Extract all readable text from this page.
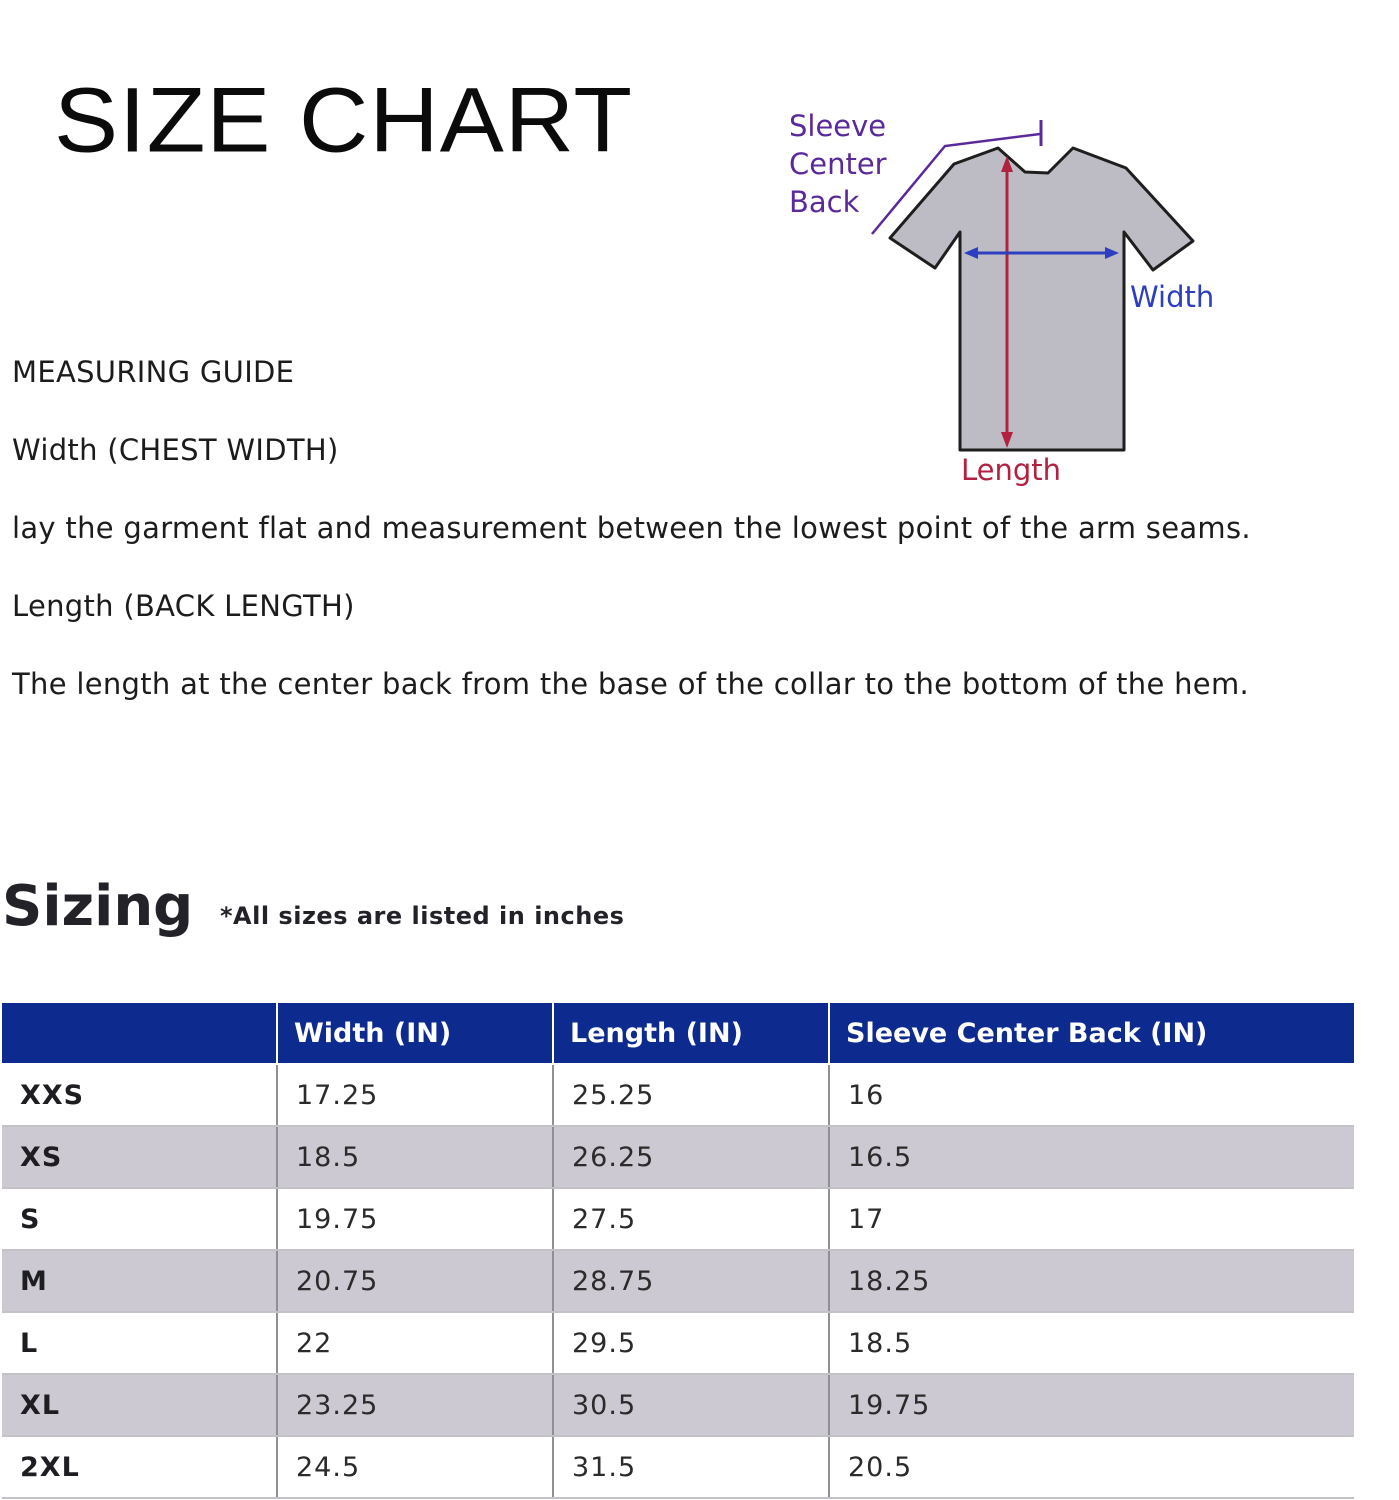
SIZE CHART	Sleeve
Center
Back
Width
Length
MEASURING GUIDE
Width (CHEST WIDTH)
lay the garment flat and measurement between the lowest point of the arm seams.
Length (BACK LENGTH)
The length at the center back from the base of the collar to the bottom of the hem.
Sizing *All sizes are listed in inches
	Width (IN)	Length (IN)	Sleeve Center Back (IN)
XXS	17.25	25.25	16
XS	18.5	26.25	16.5
S	19.75	27.5	17
M	20.75	28.75	18.25
L	22	29.5	18.5
XL	23.25	30.5	19.75
2XL	24.5	31.5	20.5
